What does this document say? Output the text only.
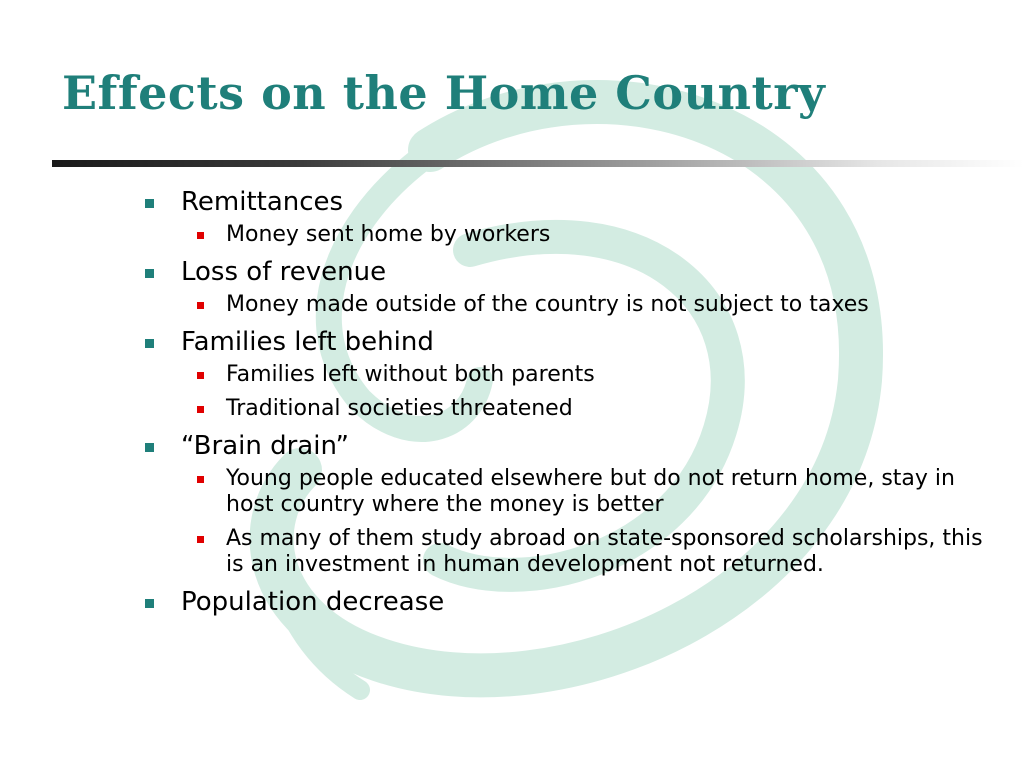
Effects on the Home Country
Remittances
Money sent home by workers
Loss of revenue
Money made outside of the country is not subject to taxes
Families left behind
Families left without both parents
Traditional societies threatened
“Brain drain”
Young people educated elsewhere but do not return home, stay in host country where the money is better
As many of them study abroad on state-sponsored scholarships, this is an investment in human development not returned.
Population decrease
